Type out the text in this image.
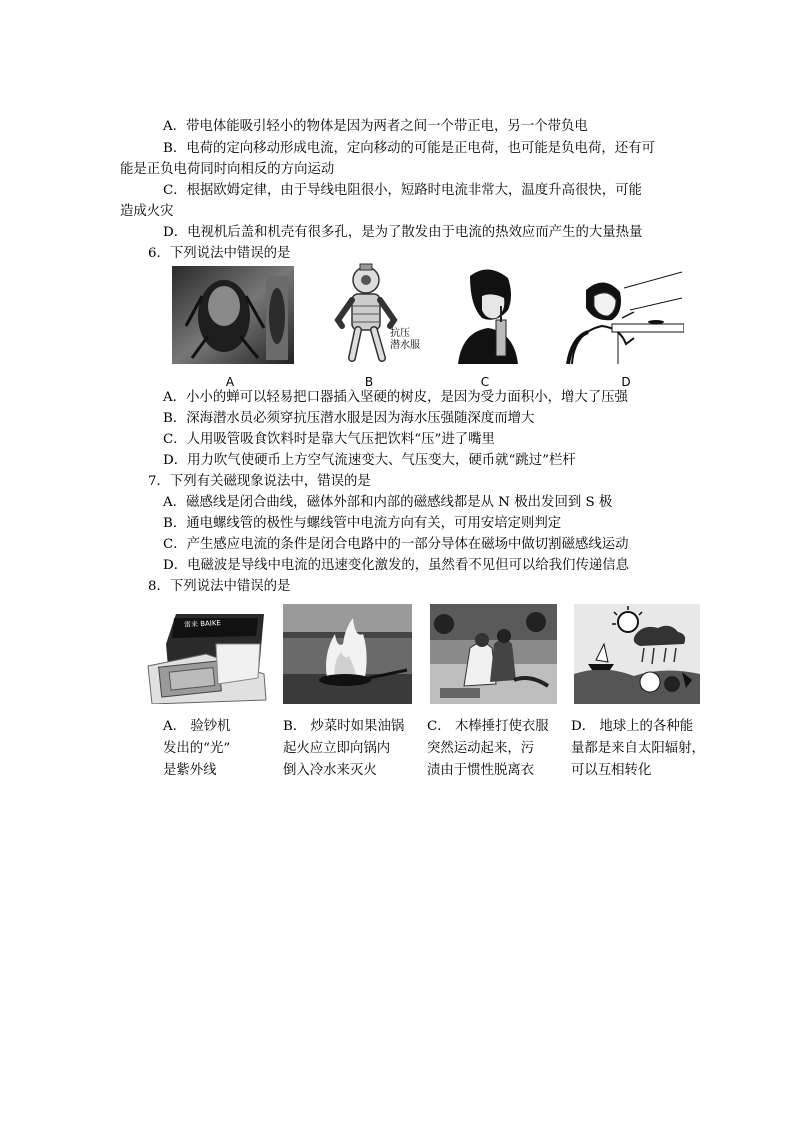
A．带电体能吸引轻小的物体是因为两者之间一个带正电，另一个带负电
B．电荷的定向移动形成电流，定向移动的可能是正电荷，也可能是负电荷，还有可
能是正负电荷同时向相反的方向运动
C．根据欧姆定律，由于导线电阻很小，短路时电流非常大，温度升高很快，可能
造成火灾
D．电视机后盖和机壳有很多孔，是为了散发由于电流的热效应而产生的大量热量
6．下列说法中错误的是
抗压
潜水服
A	B	C	D
A．小小的蝉可以轻易把口器插入坚硬的树皮，是因为受力面积小，增大了压强
B．深海潜水员必须穿抗压潜水服是因为海水压强随深度而增大
C．人用吸管吸食饮料时是靠大气压把饮料“压”进了嘴里
D．用力吹气使硬币上方空气流速变大、气压变大，硬币就“跳过”栏杆
7．下列有关磁现象说法中，错误的是
A．磁感线是闭合曲线，磁体外部和内部的磁感线都是从 N 极出发回到 S 极
B．通电螺线管的极性与螺线管中电流方向有关，可用安培定则判定
C．产生感应电流的条件是闭合电路中的一部分导体在磁场中做切割磁感线运动
D．电磁波是导线中电流的迅速变化激发的，虽然看不见但可以给我们传递信息
8．下列说法中错误的是
雷来 BAIKE
A． 验钞机
发出的“光”
是紫外线
B． 炒菜时如果油锅
起火应立即向锅内
倒入冷水来灭火
C． 木棒捶打使衣服
突然运动起来，污
渍由于惯性脱离衣
D． 地球上的各种能
量都是来自太阳辐射，
可以互相转化
